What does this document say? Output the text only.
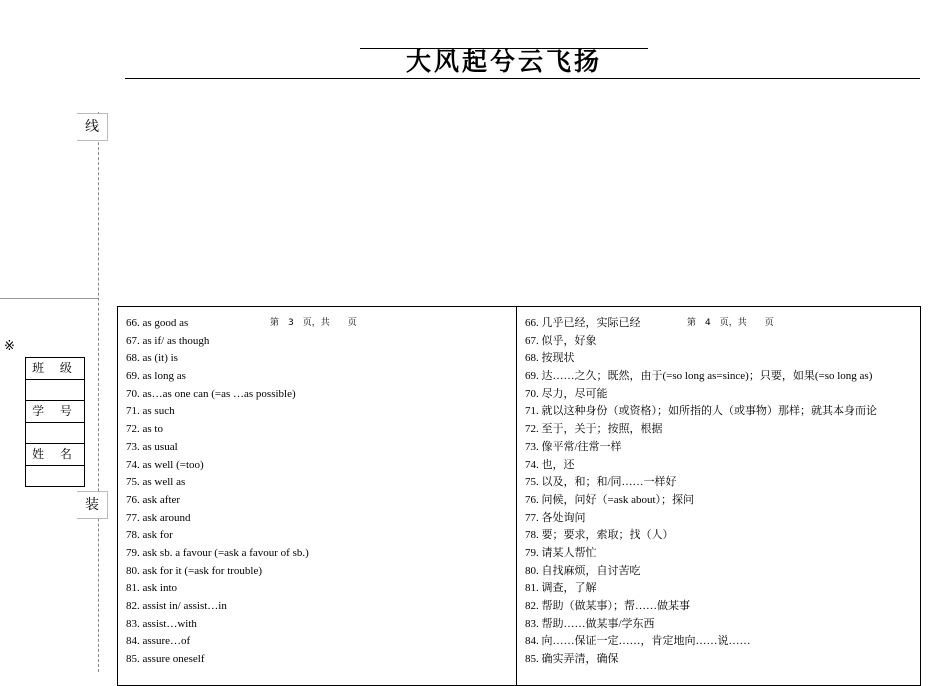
大风起兮云飞扬
线
装
※
班 级
学 号
姓 名
第　3　页，共　　页
66. as good as
67. as if/ as though
68. as (it) is
69. as long as
70. as…as one can (=as …as possible)
71. as such
72. as to
73. as usual
74. as well (=too)
75. as well as
76. ask after
77. ask around
78. ask for
79. ask sb. a favour (=ask a favour of sb.)
80. ask for it (=ask for trouble)
81. ask into
82. assist in/ assist…in
83. assist…with
84. assure…of
85. assure oneself
第　4　页，共　　页
66. 几乎已经，实际已经
67. 似乎，好象
68. 按现状
69. 达……之久；既然，由于(=so long as=since)；只要，如果(=so long as)
70. 尽力，尽可能
71. 就以这种身份（或资格）；如所指的人（或事物）那样；就其本身而论
72. 至于，关于；按照，根据
73. 像平常/往常一样
74. 也，还
75. 以及，和；和/同……一样好
76. 问候，问好（=ask about）；探问
77. 各处询问
78. 要；要求，索取；找（人）
79. 请某人帮忙
80. 自找麻烦，自讨苦吃
81. 调查，了解
82. 帮助（做某事）；帮……做某事
83. 帮助……做某事/学东西
84. 向……保证一定……，肯定地向……说……
85. 确实弄清，确保
